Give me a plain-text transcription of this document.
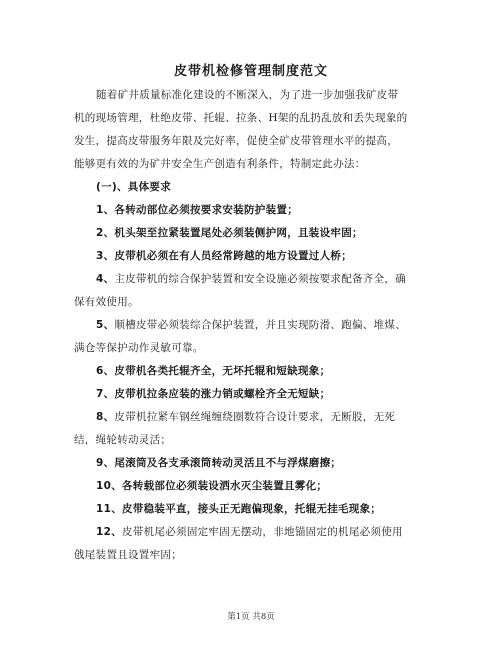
皮带机检修管理制度范文
随着矿井质量标准化建设的不断深入，为了进一步加强我矿皮带
机的现场管理，杜绝皮带、托辊、拉条、H架的乱扔乱放和丢失现象的
发生，提高皮带服务年限及完好率，促使全矿皮带管理水平的提高，
能够更有效的为矿井安全生产创造有利条件，特制定此办法：
(一)、具体要求
1、各转动部位必须按要求安装防护装置；
2、机头架至拉紧装置尾处必须装侧护网，且装设牢固；
3、皮带机必须在有人员经常跨越的地方设置过人桥；
4、主皮带机的综合保护装置和安全设施必须按要求配备齐全，确
保有效使用。
5、顺槽皮带必须装综合保护装置，并且实现防滑、跑偏、堆煤、
满仓等保护动作灵敏可靠。
6、皮带机各类托辊齐全，无坏托辊和短缺现象；
7、皮带机拉条应装的涨力销或螺栓齐全无短缺；
8、皮带机拉紧车钢丝绳缠绕圈数符合设计要求，无断股，无死
结，绳轮转动灵活；
9、尾滚筒及各支承滚筒转动灵活且不与浮煤磨擦；
10、各转载部位必须装设洒水灭尘装置且雾化；
11、皮带稳装平直，接头正无跑偏现象，托辊无挂毛现象；
12、皮带机尾必须固定牢固无摆动，非地锚固定的机尾必须使用
戗尾装置且设置牢固；
第1页 共8页
